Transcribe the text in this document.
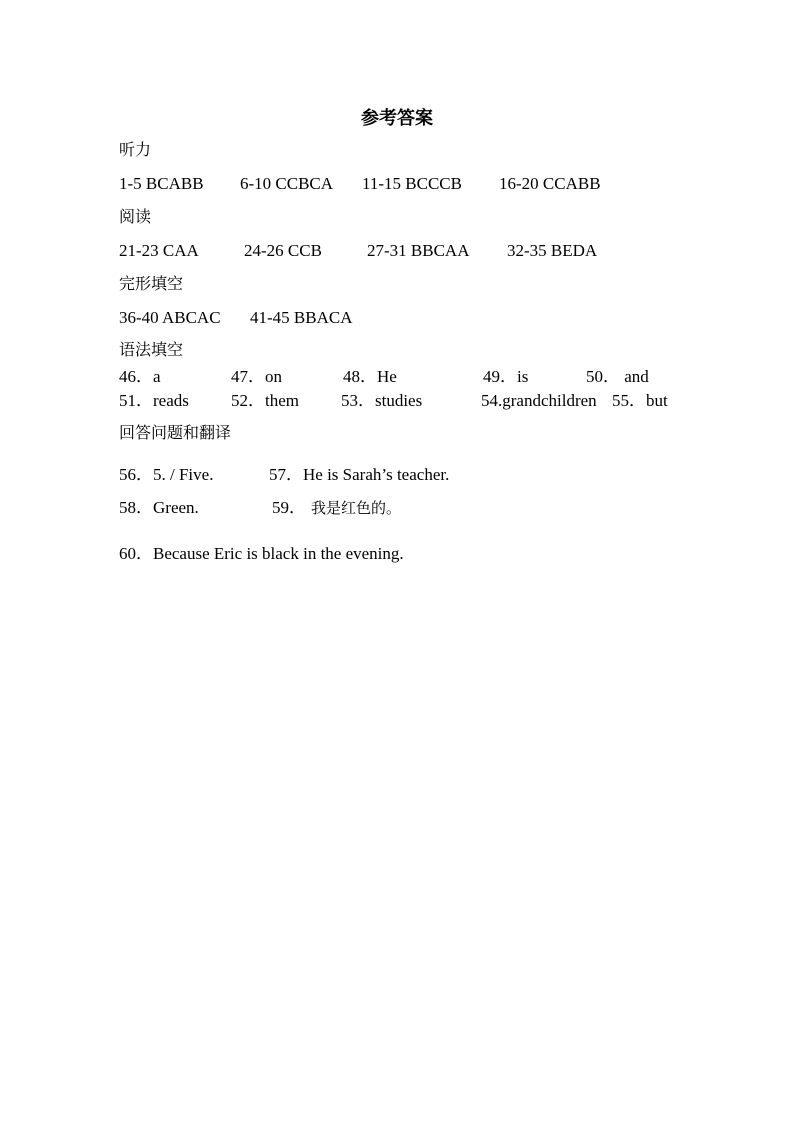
参考答案
听力
1-5 BCABB 6-10 CCBCA 11-15 BCCCB 16-20 CCABB
阅读
21-23 CAA	24-26 CCB	27-31 BBCAA 32-35 BEDA
完形填空
36-40 ABCAC 41-45 BBACA
语法填空
46．a	47．on	48．He	49．is	50． and
51．reads 52．them 53．studies	54.grandchildren 55．but
回答问题和翻译
56．5. / Five.	57．He is Sarah’s teacher.
58．Green.	59． 我是红色的。
60．Because Eric is black in the evening.
